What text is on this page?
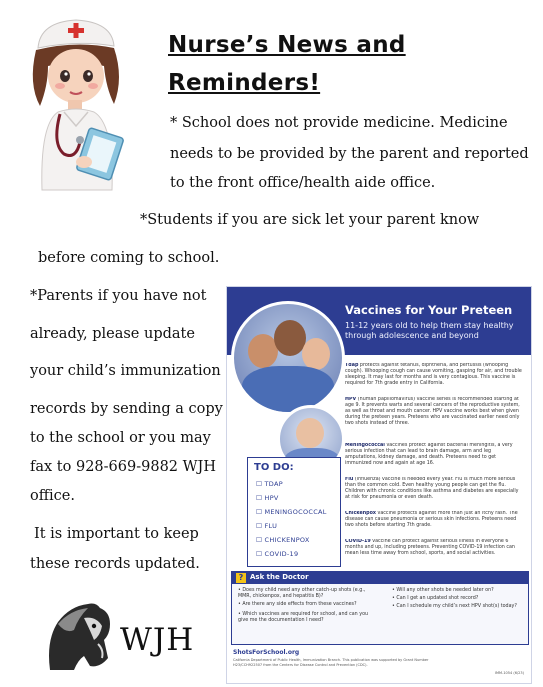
Nurse’s News and
Reminders!
* School does not provide medicine. Medicine
needs to be provided by the parent and reported
to the front office/health aide office.
*Students if you are sick let your parent know
before coming to school.
*Parents if you have not
already, please update
your child’s immunization
records by sending a copy
to the school or you may
fax to 928-669-9882 WJH
office.
It is important to keep
these records updated.
WJH
Vaccines for Your Preteen
11-12 years old to help them stay healthy through adolescence and beyond
Tdap protects against tetanus, diphtheria, and pertussis (whooping cough). Whooping cough can cause vomiting, gasping for air, and trouble sleeping. It may last for months and is very contagious. This vaccine is required for 7th grade entry in California.
HPV (human papillomavirus) vaccine series is recommended starting at age 9. It prevents warts and several cancers of the reproductive system, as well as throat and mouth cancer. HPV vaccine works best when given during the preteen years. Preteens who are vaccinated earlier need only two shots instead of three.
Meningococcal vaccines protect against bacterial meningitis, a very serious infection that can lead to brain damage, arm and leg amputations, kidney damage, and death. Preteens need to get immunized now and again at age 16.
Flu (influenza) vaccine is needed every year. Flu is much more serious than the common cold. Even healthy young people can get the flu. Children with chronic conditions like asthma and diabetes are especially at risk for pneumonia or even death.
Chickenpox vaccine protects against more than just an itchy rash. The disease can cause pneumonia or serious skin infections. Preteens need two shots before starting 7th grade.
COVID-19 vaccine can protect against serious illness in everyone 6 months and up, including preteens. Preventing COVID-19 infection can mean less time away from school, sports, and social activities.
TO DO:
☐ TDAP
☐ HPV
☐ MENINGOCOCCAL
☐ FLU
☐ CHICKENPOX
☐ COVID-19
? Ask the Doctor
• Does my child need any other catch-up shots (e.g., MMR, chickenpox, and hepatitis B)?
• Are there any side effects from these vaccines?
• Which vaccines are required for school, and can you give me the documentation I need?
• Will any other shots be needed later on?
• Can I get an updated shot record?
• Can I schedule my child’s next HPV shot(s) today?
ShotsForSchool.org
California Department of Public Health, Immunization Branch. This publication was supported by Grant Number H23/CCH922507 from the Centers for Disease Control and Prevention (CDC).
IMM-1054 (6/23)
